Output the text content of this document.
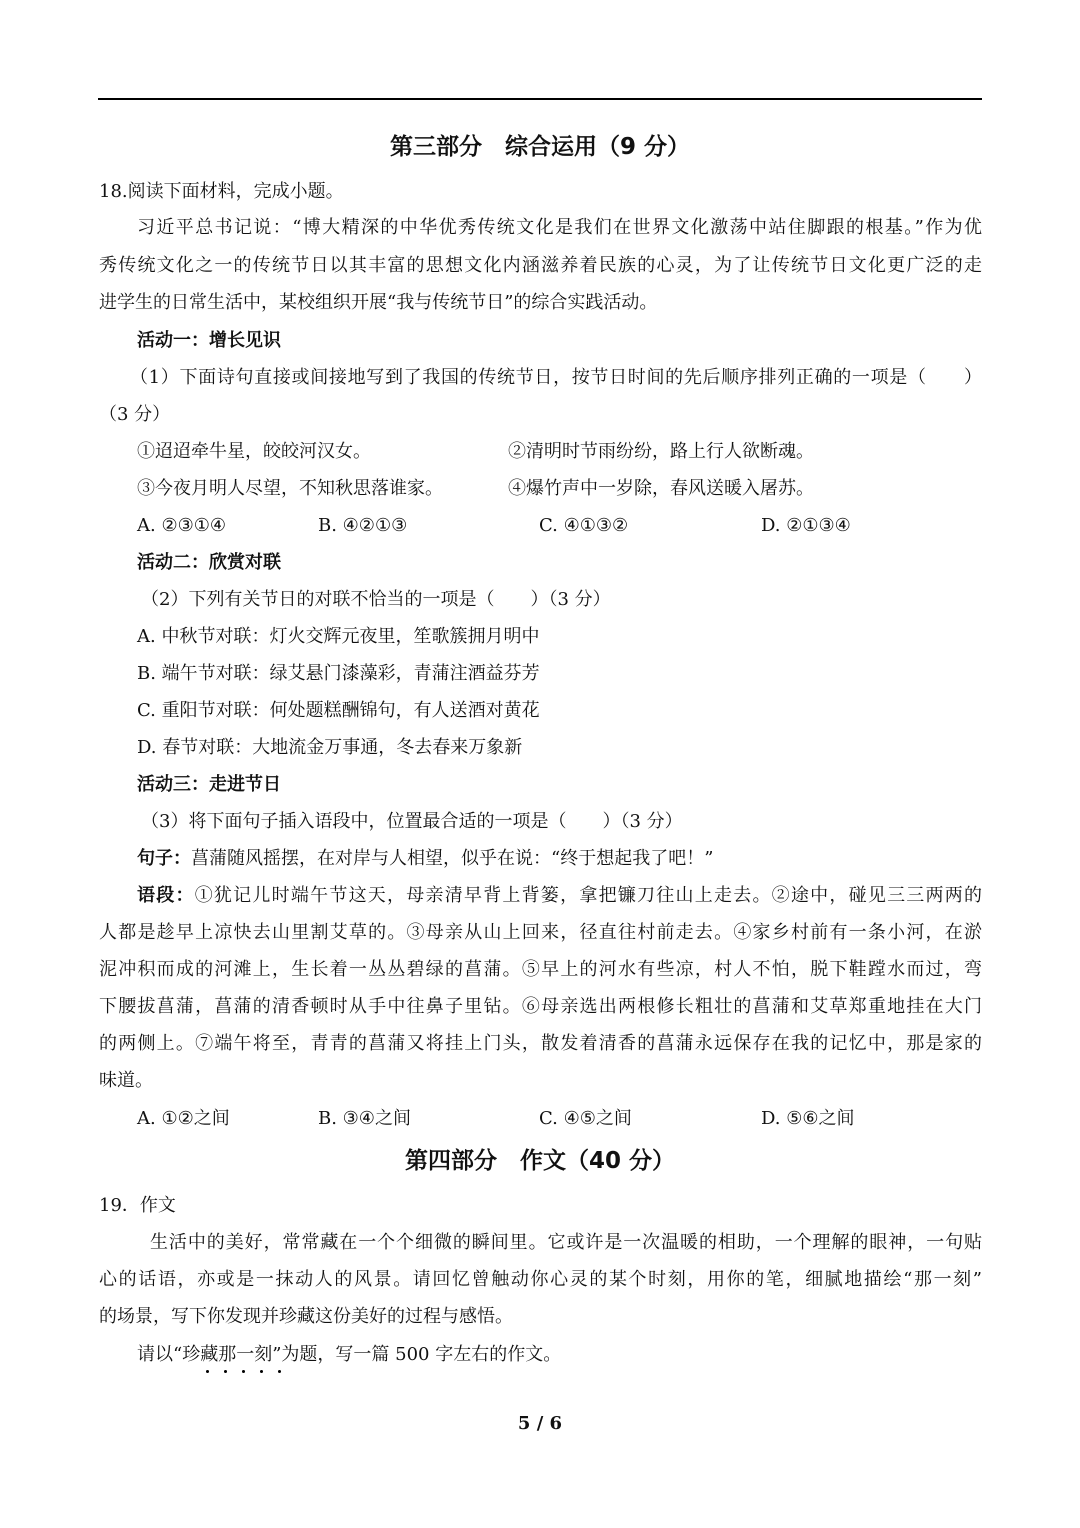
第三部分　综合运用（9 分）
18.阅读下面材料，完成小题。
习近平总书记说：“博大精深的中华优秀传统文化是我们在世界文化激荡中站住脚跟的根基。”作为优
秀传统文化之一的传统节日以其丰富的思想文化内涵滋养着民族的心灵，为了让传统节日文化更广泛的走
进学生的日常生活中，某校组织开展“我与传统节日”的综合实践活动。
活动一：增长见识
（1）下面诗句直接或间接地写到了我国的传统节日，按节日时间的先后顺序排列正确的一项是（　　）
（3 分）
①迢迢牵牛星，皎皎河汉女。	②清明时节雨纷纷，路上行人欲断魂。
③今夜月明人尽望，不知秋思落谁家。	④爆竹声中一岁除，春风送暖入屠苏。
A. ②③①④	B. ④②①③	C. ④①③②	D. ②①③④
活动二：欣赏对联
（2）下列有关节日的对联不恰当的一项是（　　）（3 分）
A. 中秋节对联：灯火交辉元夜里，笙歌簇拥月明中
B. 端午节对联：绿艾悬门漆藻彩，青蒲注酒益芬芳
C. 重阳节对联：何处题糕酬锦句，有人送酒对黄花
D. 春节对联：大地流金万事通，冬去春来万象新
活动三：走进节日
（3）将下面句子插入语段中，位置最合适的一项是（　　）（3 分）
句子：菖蒲随风摇摆，在对岸与人相望，似乎在说：“终于想起我了吧！”
语段：①犹记儿时端午节这天，母亲清早背上背篓，拿把镰刀往山上走去。②途中，碰见三三两两的
人都是趁早上凉快去山里割艾草的。③母亲从山上回来，径直往村前走去。④家乡村前有一条小河，在淤
泥冲积而成的河滩上，生长着一丛丛碧绿的菖蒲。⑤早上的河水有些凉，村人不怕，脱下鞋蹚水而过，弯
下腰拔菖蒲，菖蒲的清香顿时从手中往鼻子里钻。⑥母亲选出两根修长粗壮的菖蒲和艾草郑重地挂在大门
的两侧上。⑦端午将至，青青的菖蒲又将挂上门头，散发着清香的菖蒲永远保存在我的记忆中，那是家的
味道。
A. ①②之间	B. ③④之间	C. ④⑤之间	D. ⑤⑥之间
第四部分　作文（40 分）
19．作文
生活中的美好，常常藏在一个个细微的瞬间里。它或许是一次温暖的相助，一个理解的眼神，一句贴
心的话语，亦或是一抹动人的风景。请回忆曾触动你心灵的某个时刻，用你的笔，细腻地描绘“那一刻”
的场景，写下你发现并珍藏这份美好的过程与感悟。
请以“珍藏那一刻”为题，写一篇 500 字左右的作文。
5 / 6
